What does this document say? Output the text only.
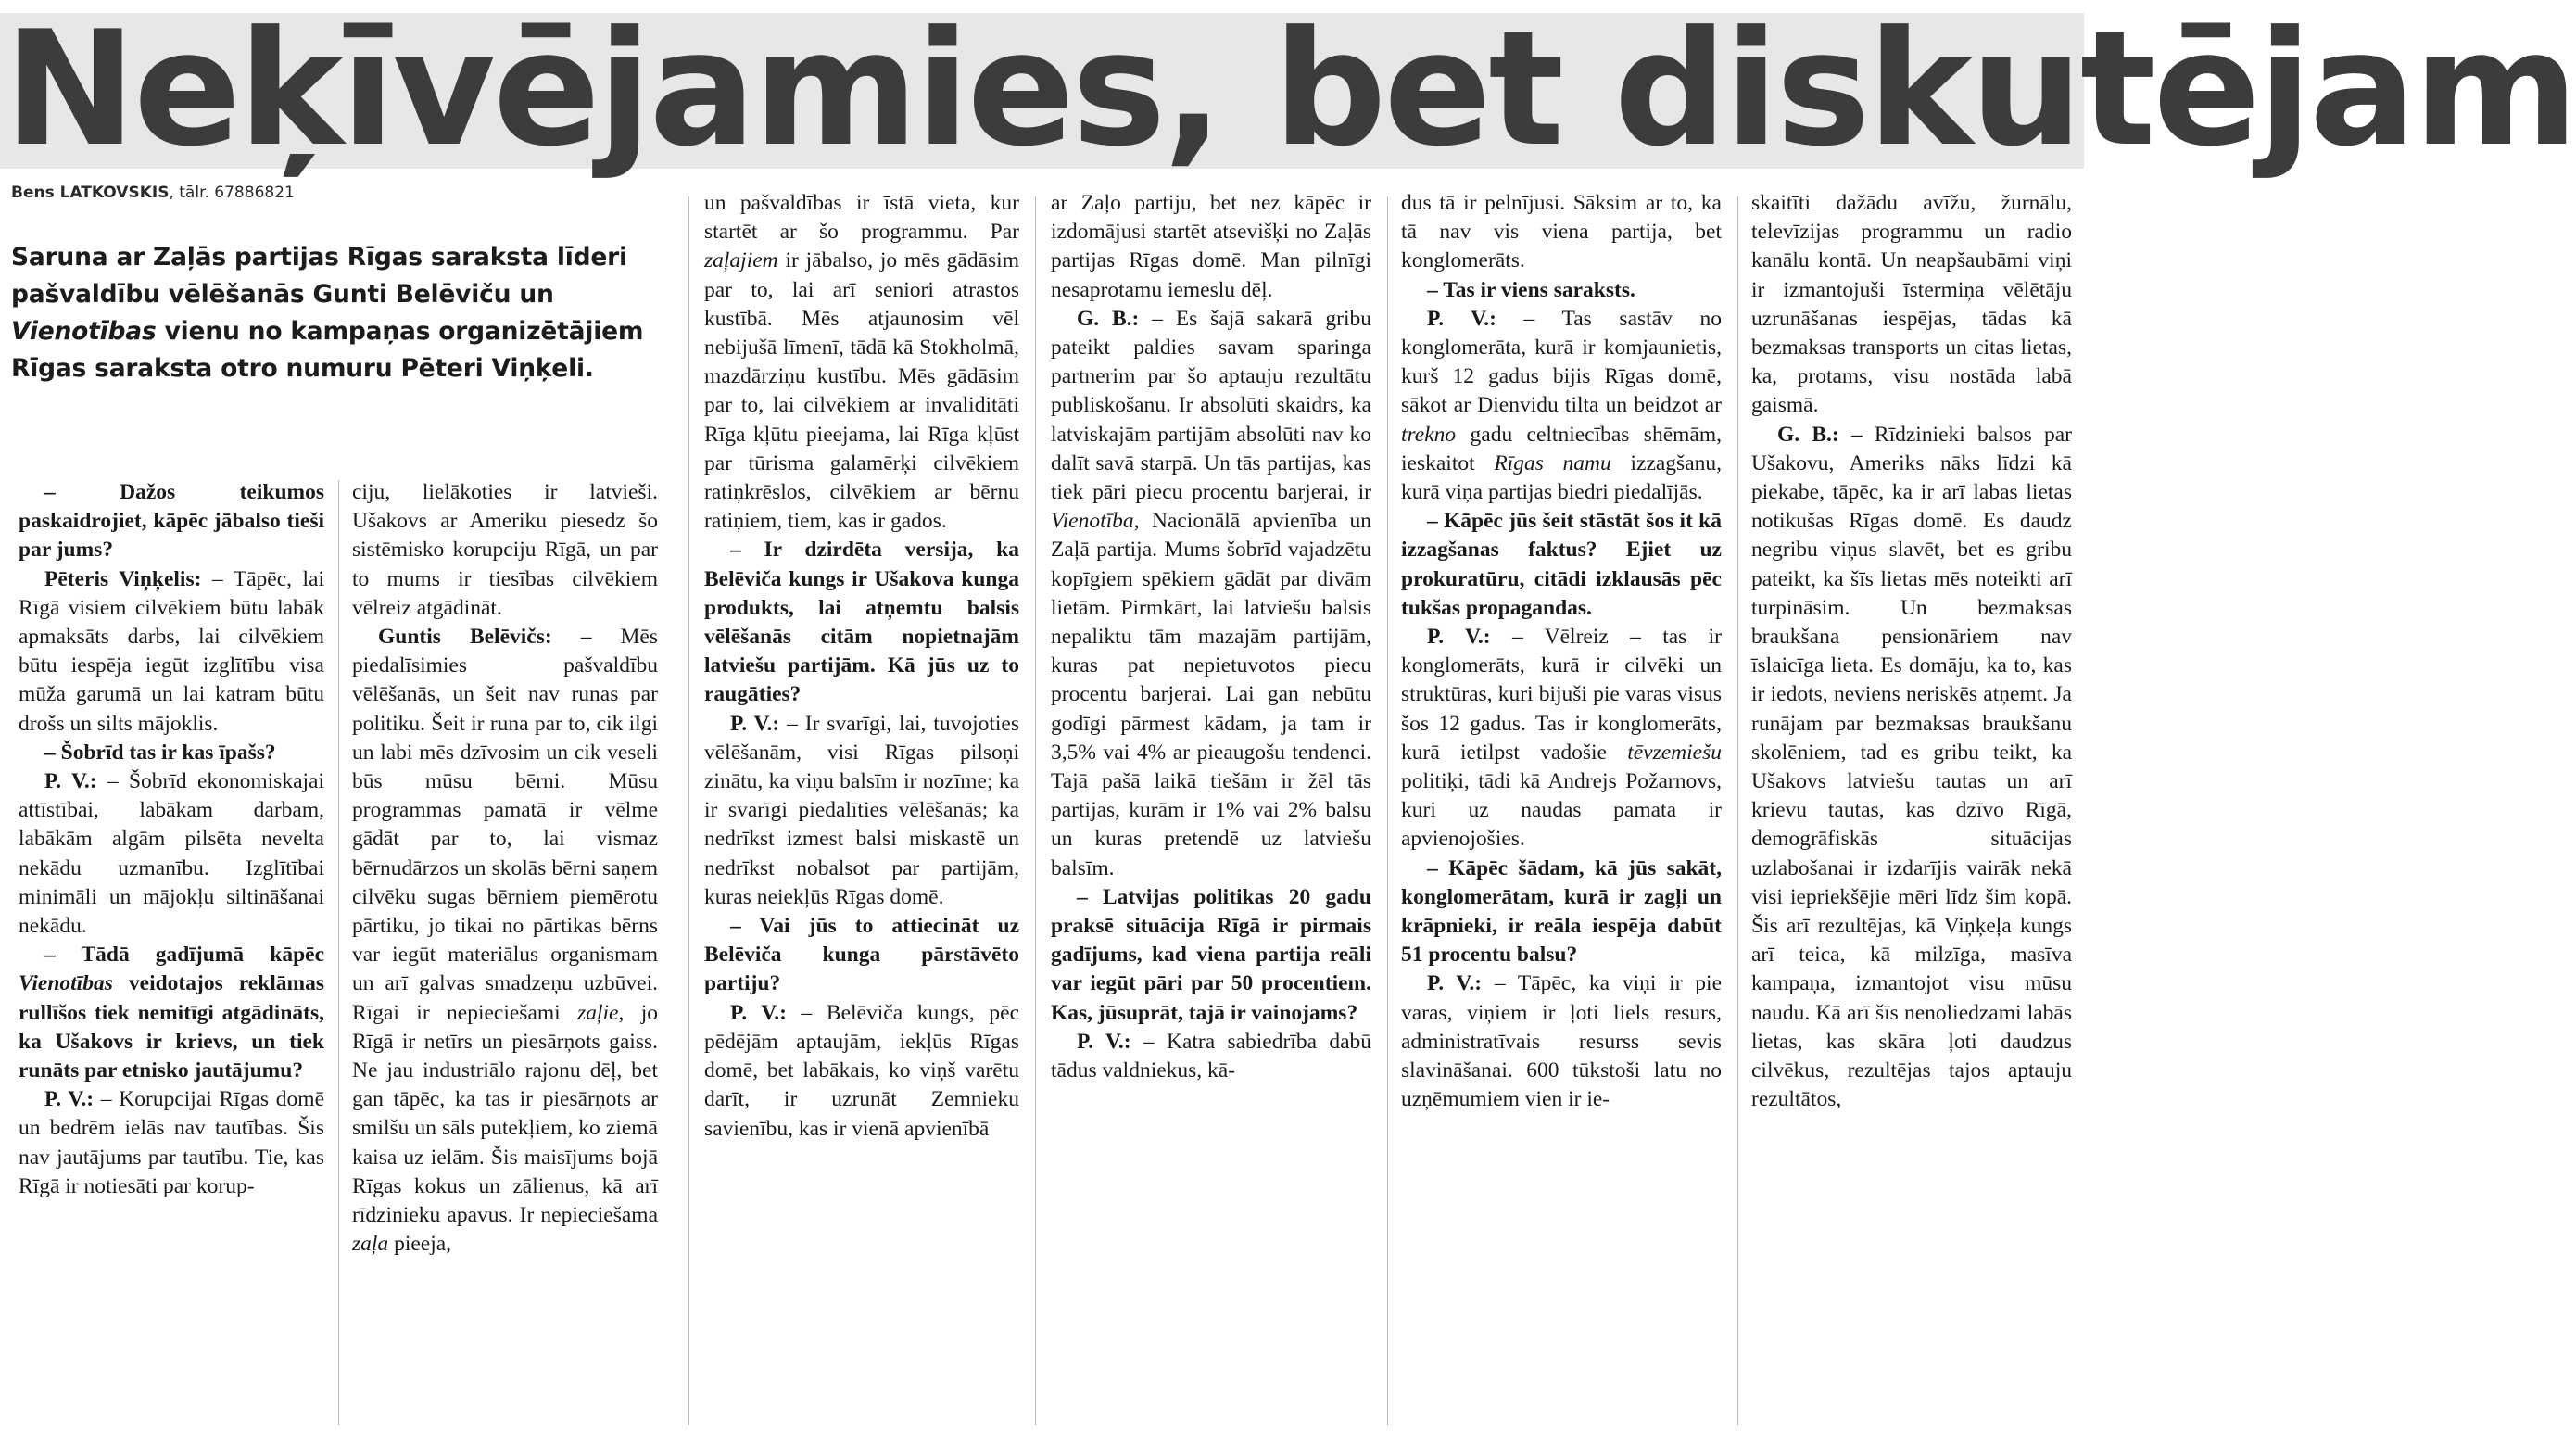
Neķīvējamies, bet diskutējam

Bens LATKOVSKIS, tālr. 67886821

Saruna ar Zaļās partijas Rīgas saraksta līderi
pašvaldību vēlēšanās Gunti Belēviču un
Vienotības vienu no kampaņas organizētājiem
Rīgas saraksta otro numuru Pēteri Viņķeli.

– Dažos teikumos paskaidrojiet, kāpēc jābalso tieši par jums?

Pēteris Viņķelis: – Tāpēc, lai Rīgā visiem cilvēkiem būtu labāk apmaksāts darbs, lai cilvēkiem būtu iespēja iegūt izglītību visa mūža garumā un lai katram būtu drošs un silts mājoklis.

– Šobrīd tas ir kas īpašs?

P. V.: – Šobrīd ekonomiskajai attīstībai, labākam darbam, labākām algām pilsēta nevelta nekādu uzmanību. Izglītībai minimāli un mājokļu siltināšanai nekādu.

– Tādā gadījumā kāpēc Vienotības veidotajos reklāmas rullīšos tiek nemitīgi atgādināts, ka Ušakovs ir krievs, un tiek runāts par etnisko jautājumu?

P. V.: – Korupcijai Rīgas domē un bedrēm ielās nav tautības. Šis nav jautājums par tautību. Tie, kas Rīgā ir notiesāti par korup-

ciju, lielākoties ir latvieši. Ušakovs ar Ameriku piesedz šo sistēmisko korupciju Rīgā, un par to mums ir tiesības cilvēkiem vēlreiz atgādināt.

Guntis Belēvičs: – Mēs piedalīsimies pašvaldību vēlēšanās, un šeit nav runas par politiku. Šeit ir runa par to, cik ilgi un labi mēs dzīvosim un cik veseli būs mūsu bērni. Mūsu programmas pamatā ir vēlme gādāt par to, lai vismaz bērnudārzos un skolās bērni saņem cilvēku sugas bērniem piemērotu pārtiku, jo tikai no pārtikas bērns var iegūt materiālus organismam un arī galvas smadzeņu uzbūvei. Rīgai ir nepieciešami zaļie, jo Rīgā ir netīrs un piesārņots gaiss. Ne jau industriālo rajonu dēļ, bet gan tāpēc, ka tas ir piesārņots ar smilšu un sāls putekļiem, ko ziemā kaisa uz ielām. Šis maisījums bojā Rīgas kokus un zālienus, kā arī rīdzinieku apavus. Ir nepieciešama zaļa pieeja,

un pašvaldības ir īstā vieta, kur startēt ar šo programmu. Par zaļajiem ir jābalso, jo mēs gādāsim par to, lai arī seniori atrastos kustībā. Mēs atjaunosim vēl nebijušā līmenī, tādā kā Stokholmā, mazdārziņu kustību. Mēs gādāsim par to, lai cilvēkiem ar invaliditāti Rīga kļūtu pieejama, lai Rīga kļūst par tūrisma galamērķi cilvēkiem ratiņkrēslos, cilvēkiem ar bērnu ratiņiem, tiem, kas ir gados.

– Ir dzirdēta versija, ka Belēviča kungs ir Ušakova kunga produkts, lai atņemtu balsis vēlēšanās citām nopietnajām latviešu partijām. Kā jūs uz to raugāties?

P. V.: – Ir svarīgi, lai, tuvojoties vēlēšanām, visi Rīgas pilsoņi zinātu, ka viņu balsīm ir nozīme; ka ir svarīgi piedalīties vēlēšanās; ka nedrīkst izmest balsi miskastē un nedrīkst nobalsot par partijām, kuras neiekļūs Rīgas domē.

– Vai jūs to attiecināt uz Belēviča kunga pārstāvēto partiju?

P. V.: – Belēviča kungs, pēc pēdējām aptaujām, iekļūs Rīgas domē, bet labākais, ko viņš varētu darīt, ir uzrunāt Zemnieku savienību, kas ir vienā apvienībā

ar Zaļo partiju, bet nez kāpēc ir izdomājusi startēt atsevišķi no Zaļās partijas Rīgas domē. Man pilnīgi nesaprotamu iemeslu dēļ.

G. B.: – Es šajā sakarā gribu pateikt paldies savam sparinga partnerim par šo aptauju rezultātu publiskošanu. Ir absolūti skaidrs, ka latviskajām partijām absolūti nav ko dalīt savā starpā. Un tās partijas, kas tiek pāri piecu procentu barjerai, ir Vienotība, Nacionālā apvienība un Zaļā partija. Mums šobrīd vajadzētu kopīgiem spēkiem gādāt par divām lietām. Pirmkārt, lai latviešu balsis nepaliktu tām mazajām partijām, kuras pat nepietuvotos piecu procentu barjerai. Lai gan nebūtu godīgi pārmest kādam, ja tam ir 3,5% vai 4% ar pieaugošu tendenci. Tajā pašā laikā tiešām ir žēl tās partijas, kurām ir 1% vai 2% balsu un kuras pretendē uz latviešu balsīm.

– Latvijas politikas 20 gadu praksē situācija Rīgā ir pirmais gadījums, kad viena partija reāli var iegūt pāri par 50 procentiem. Kas, jūsuprāt, tajā ir vainojams?

P. V.: – Katra sabiedrība dabū tādus valdniekus, kā-

dus tā ir pelnījusi. Sāksim ar to, ka tā nav vis viena partija, bet konglomerāts.

– Tas ir viens saraksts.

P. V.: – Tas sastāv no konglomerāta, kurā ir komjaunietis, kurš 12 gadus bijis Rīgas domē, sākot ar Dienvidu tilta un beidzot ar trekno gadu celtniecības shēmām, ieskaitot Rīgas namu izzagšanu, kurā viņa partijas biedri piedalījās.

– Kāpēc jūs šeit stāstāt šos it kā izzagšanas faktus? Ejiet uz prokuratūru, citādi izklausās pēc tukšas propagandas.

P. V.: – Vēlreiz – tas ir konglomerāts, kurā ir cilvēki un struktūras, kuri bijuši pie varas visus šos 12 gadus. Tas ir konglomerāts, kurā ietilpst vadošie tēvzemiešu politiķi, tādi kā Andrejs Požarnovs, kuri uz naudas pamata ir apvienojošies.

– Kāpēc šādam, kā jūs sakāt, konglomerātam, kurā ir zagļi un krāpnieki, ir reāla iespēja dabūt 51 procentu balsu?

P. V.: – Tāpēc, ka viņi ir pie varas, viņiem ir ļoti liels resurs, administratīvais resurss sevis slavināšanai. 600 tūkstoši latu no uzņēmumiem vien ir ie-

skaitīti dažādu avīžu, žurnālu, televīzijas programmu un radio kanālu kontā. Un neapšaubāmi viņi ir izmantojuši īstermiņa vēlētāju uzrunāšanas iespējas, tādas kā bezmaksas transports un citas lietas, ka, protams, visu nostāda labā gaismā.

G. B.: – Rīdzinieki balsos par Ušakovu, Ameriks nāks līdzi kā piekabe, tāpēc, ka ir arī labas lietas notikušas Rīgas domē. Es daudz negribu viņus slavēt, bet es gribu pateikt, ka šīs lietas mēs noteikti arī turpināsim. Un bezmaksas braukšana pensionāriem nav īslaicīga lieta. Es domāju, ka to, kas ir iedots, neviens neriskēs atņemt. Ja runājam par bezmaksas braukšanu skolēniem, tad es gribu teikt, ka Ušakovs latviešu tautas un arī krievu tautas, kas dzīvo Rīgā, demogrāfiskās situācijas uzlabošanai ir izdarījis vairāk nekā visi iepriekšējie mēri līdz šim kopā. Šis arī rezultējas, kā Viņķeļa kungs arī teica, kā milzīga, masīva kampaņa, izmantojot visu mūsu naudu. Kā arī šīs nenoliedzami labās lietas, kas skāra ļoti daudzus cilvēkus, rezultējas tajos aptauju rezultātos,
